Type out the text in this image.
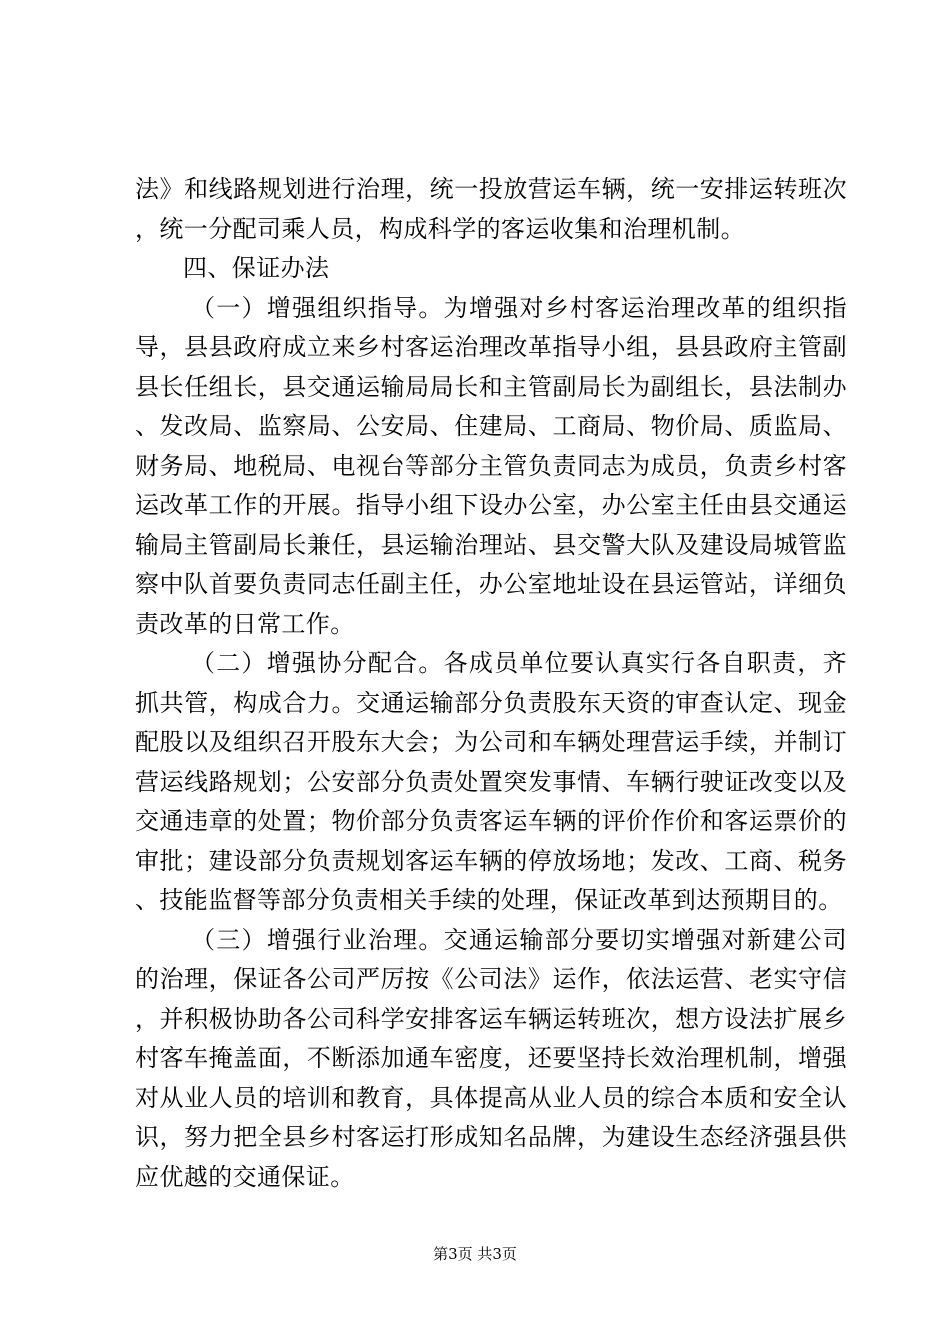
法》和线路规划进行治理，统一投放营运车辆，统一安排运转班次，统一分配司乘人员，构成科学的客运收集和治理机制。

四、保证办法

（一）增强组织指导。为增强对乡村客运治理改革的组织指导，县县政府成立来乡村客运治理改革指导小组，县县政府主管副县长任组长，县交通运输局局长和主管副局长为副组长，县法制办、发改局、监察局、公安局、住建局、工商局、物价局、质监局、财务局、地税局、电视台等部分主管负责同志为成员，负责乡村客运改革工作的开展。指导小组下设办公室，办公室主任由县交通运输局主管副局长兼任，县运输治理站、县交警大队及建设局城管监察中队首要负责同志任副主任，办公室地址设在县运管站，详细负责改革的日常工作。

（二）增强协分配合。各成员单位要认真实行各自职责，齐抓共管，构成合力。交通运输部分负责股东天资的审查认定、现金配股以及组织召开股东大会；为公司和车辆处理营运手续，并制订营运线路规划；公安部分负责处置突发事情、车辆行驶证改变以及交通违章的处置；物价部分负责客运车辆的评价作价和客运票价的审批；建设部分负责规划客运车辆的停放场地；发改、工商、税务、技能监督等部分负责相关手续的处理，保证改革到达预期目的。

（三）增强行业治理。交通运输部分要切实增强对新建公司的治理，保证各公司严厉按《公司法》运作，依法运营、老实守信，并积极协助各公司科学安排客运车辆运转班次，想方设法扩展乡村客车掩盖面，不断添加通车密度，还要坚持长效治理机制，增强对从业人员的培训和教育，具体提高从业人员的综合本质和安全认识，努力把全县乡村客运打形成知名品牌，为建设生态经济强县供应优越的交通保证。

第3页 共3页
